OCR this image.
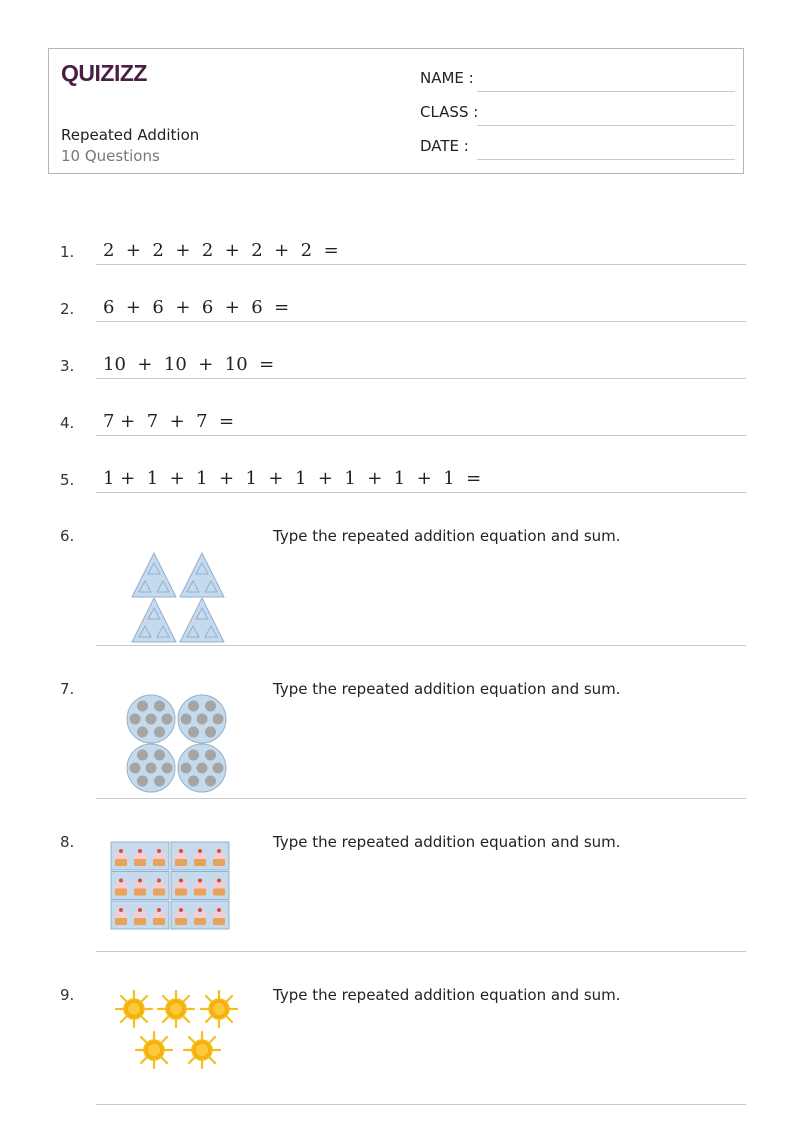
QUIZIZZ
Repeated Addition
10 Questions
NAME :
CLASS :
DATE :
1. 2  +  2  +  2  +  2  +  2  =
2. 6  +  6  +  6  +  6  =
3. 10  +  10  +  10  =
4. 7 +  7  +  7  =
5. 1 +  1  +  1  +  1  +  1  +  1  +  1  +  1  =
6.	Type the repeated addition equation and sum.
7.	Type the repeated addition equation and sum.
8.	Type the repeated addition equation and sum.
9.	Type the repeated addition equation and sum.
